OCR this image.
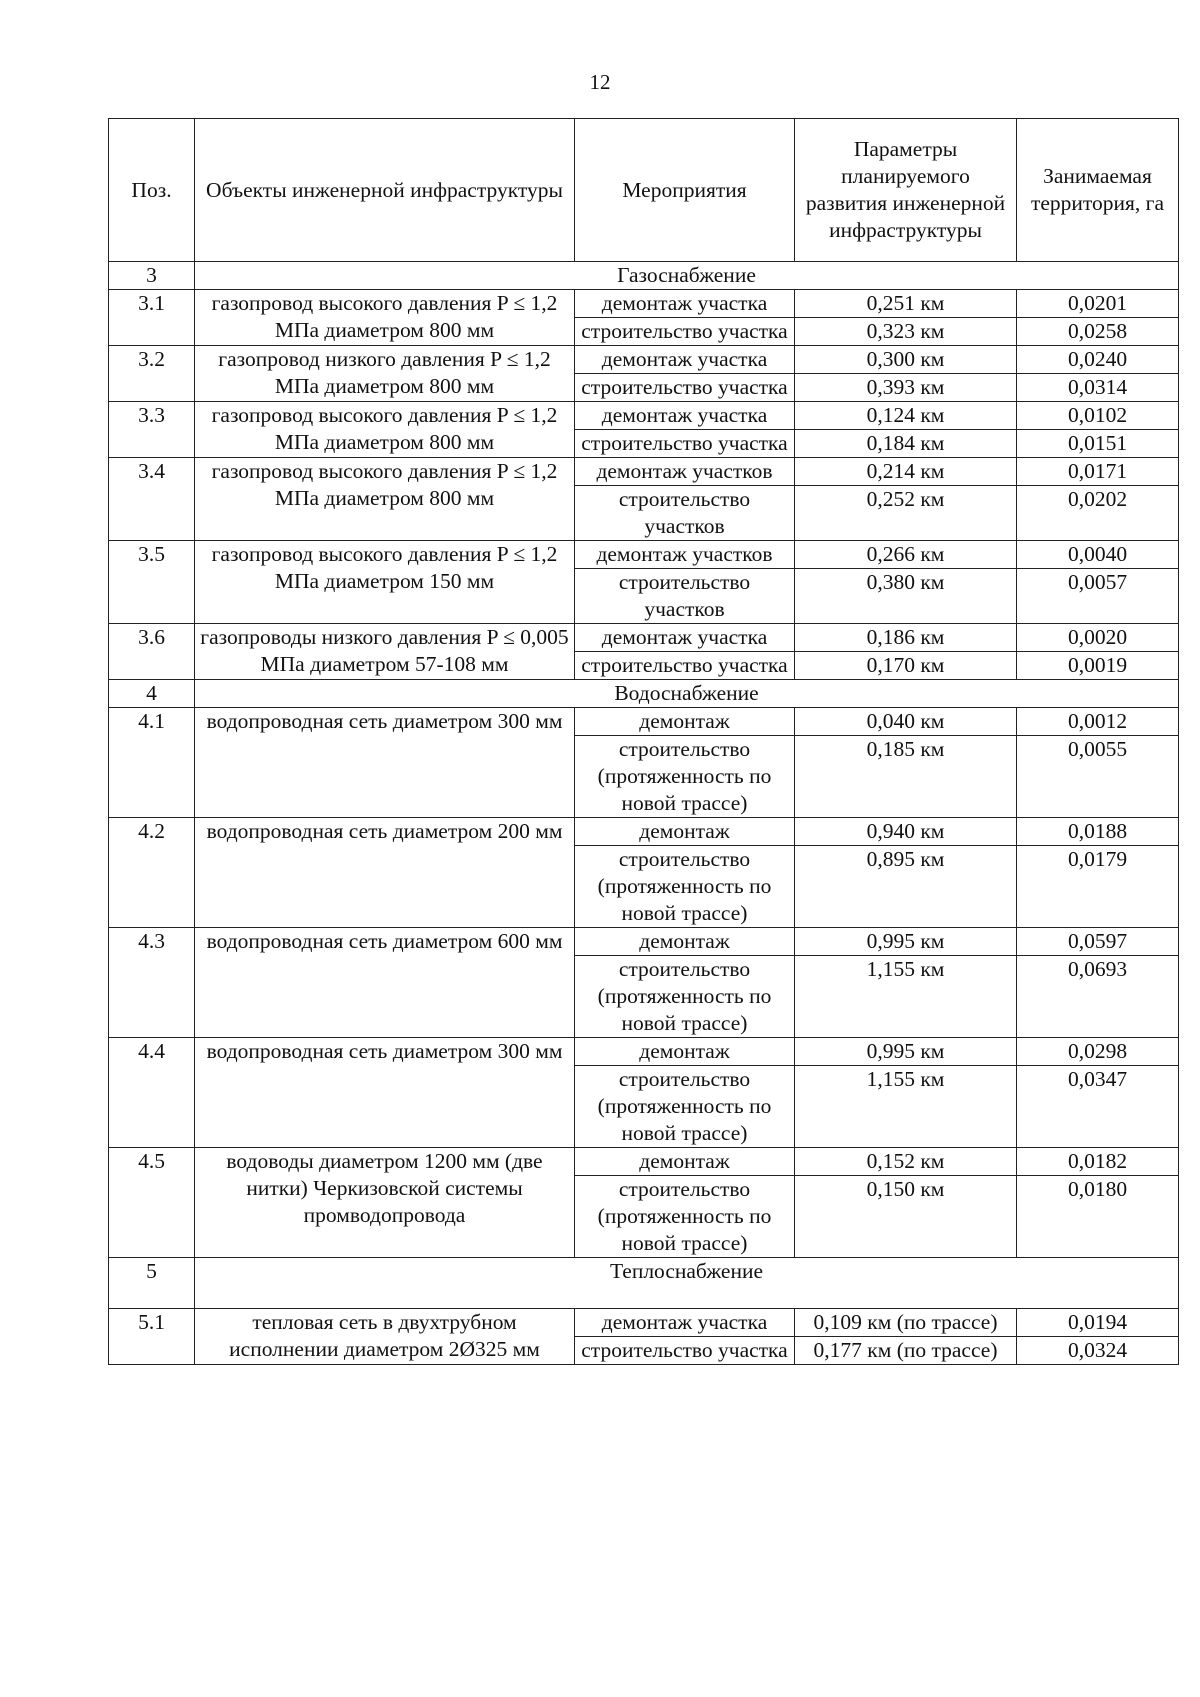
12
Поз.	Объекты инженерной инфраструктуры	Мероприятия	Параметры планируемого развития инженерной инфраструктуры	Занимаемая территория, га
3	Газоснабжение			
3.1	газопровод высокого давления P ≤ 1,2 МПа диаметром 800 мм	демонтаж участка	0,251 км	0,0201
		строительство участка	0,323 км	0,0258
3.2	газопровод низкого давления P ≤ 1,2 МПа диаметром 800 мм	демонтаж участка	0,300 км	0,0240
		строительство участка	0,393 км	0,0314
3.3	газопровод высокого давления P ≤ 1,2 МПа диаметром 800 мм	демонтаж участка	0,124 км	0,0102
		строительство участка	0,184 км	0,0151
3.4	газопровод высокого давления P ≤ 1,2 МПа диаметром 800 мм	демонтаж участков	0,214 км	0,0171
		строительство участков	0,252 км	0,0202
3.5	газопровод высокого давления P ≤ 1,2 МПа диаметром 150 мм	демонтаж участков	0,266 км	0,0040
		строительство участков	0,380 км	0,0057
3.6	газопроводы низкого давления P ≤ 0,005 МПа диаметром 57-108 мм	демонтаж участка	0,186 км	0,0020
		строительство участка	0,170 км	0,0019
4	Водоснабжение			
4.1	водопроводная сеть диаметром 300 мм	демонтаж	0,040 км	0,0012
		строительство (протяженность по новой трассе)	0,185 км	0,0055
4.2	водопроводная сеть диаметром 200 мм	демонтаж	0,940 км	0,0188
		строительство (протяженность по новой трассе)	0,895 км	0,0179
4.3	водопроводная сеть диаметром 600 мм	демонтаж	0,995 км	0,0597
		строительство (протяженность по новой трассе)	1,155 км	0,0693
4.4	водопроводная сеть диаметром 300 мм	демонтаж	0,995 км	0,0298
		строительство (протяженность по новой трассе)	1,155 км	0,0347
4.5	водоводы диаметром 1200 мм (две нитки) Черкизовской системы промводопровода	демонтаж	0,152 км	0,0182
		строительство (протяженность по новой трассе)	0,150 км	0,0180
5	Теплоснабжение			
5.1	тепловая сеть в двухтрубном исполнении диаметром 2Ø325 мм	демонтаж участка	0,109 км (по трассе)	0,0194
		строительство участка	0,177 км (по трассе)	0,0324
